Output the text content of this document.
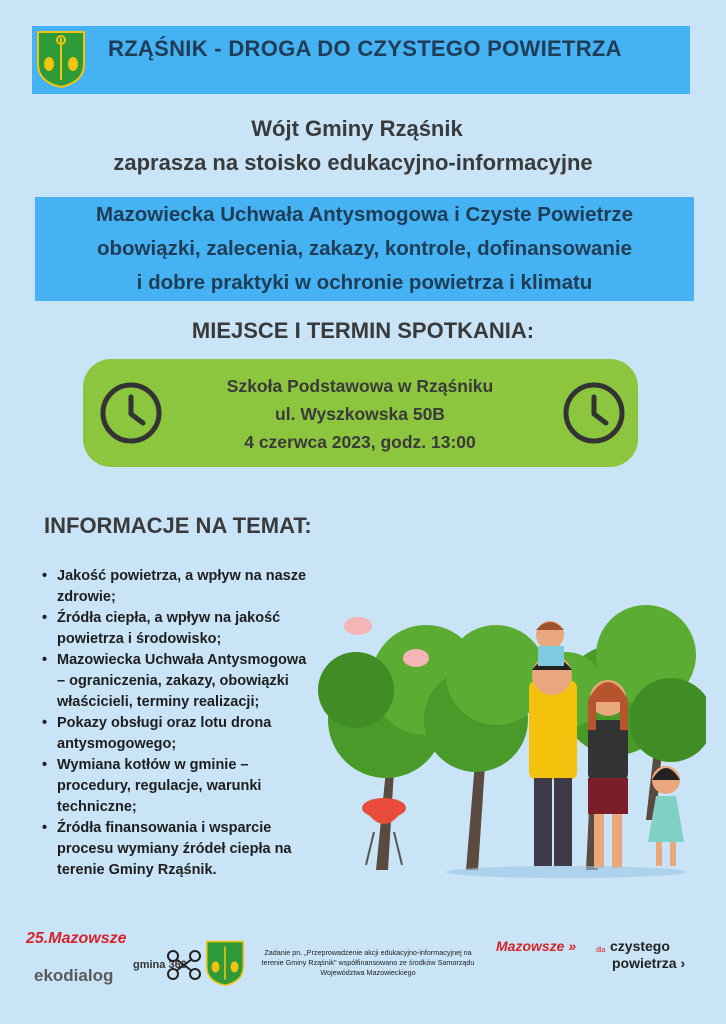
RZĄŚNIK - DROGA DO CZYSTEGO POWIETRZA
Wójt Gminy Rząśnik
zaprasza na stoisko edukacyjno-informacyjne
Mazowiecka Uchwała Antysmogowa i Czyste Powietrze
obowiązki, zalecenia, zakazy, kontrole, dofinansowanie
i dobre praktyki w ochronie powietrza i klimatu
MIEJSCE I TERMIN SPOTKANIA:
Szkoła Podstawowa w Rząśniku
ul. Wyszkowska 50B
4 czerwca 2023, godz. 13:00
INFORMACJE NA TEMAT:
• Jakość powietrza, a wpływ na nasze
zdrowie;
• Źródła ciepła, a wpływ na jakość
powietrza i środowisko;
• Mazowiecka Uchwała Antysmogowa
– ograniczenia, zakazy, obowiązki
właścicieli, terminy realizacji;
• Pokazy obsługi oraz lotu drona
antysmogowego;
• Wymiana kotłów w gminie –
procedury, regulacje, warunki
techniczne;
• Źródła finansowania i wsparcie
procesu wymiany źródeł ciepła na
terenie Gminy Rząśnik.
25.Mazowsze
ekodialog
gmina 360
Zadanie pn. „Przeprowadzenie akcji edukacyjno-informacyjnej na
terenie Gminy Rząśnik" współfinansowano ze środków Samorządu
Województwa Mazowieckiego
Mazowsze »	dla czystego
powietrza ›
